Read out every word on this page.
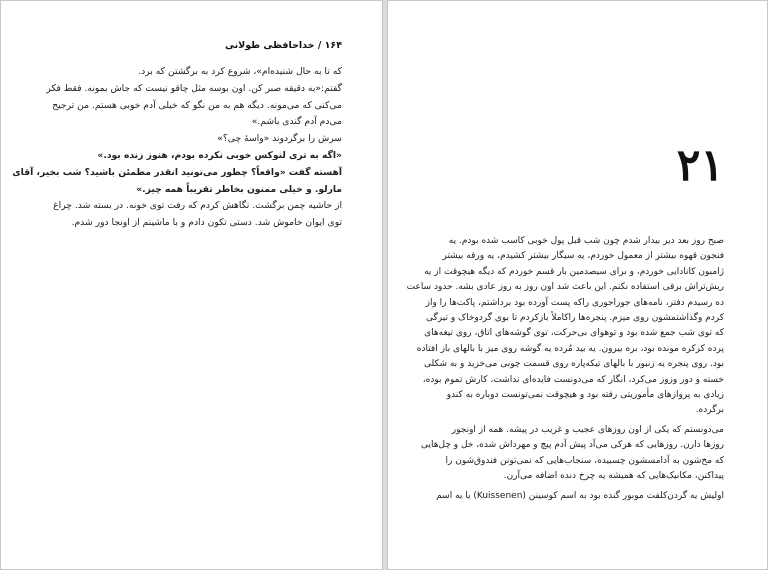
۱۶۴ / خداحافظی طولانی
که تا به حال شنیده‌ام»، شروع کرد به برگشتن که برد.
گفتم:«به دقیقه صبر کن. اون بوسه مثل چاقو نیست که جاش بمونه. فقط فکر
می‌کنی که می‌مونه. دیگه هم به من نگو که خیلی آدم خوبی هستم. من ترجیح
می‌دم آدم گندی باشم.»
سرش را برگردوند «واسهٔ چی؟»
«اگه به تری لنوکس خوبی نکرده بودم، هنوز زنده بود.»
آهسته گفت «واقعاً؟ چطور می‌تونید انقدر مطمئن باشید؟ شب بخیر، آقای
مارلو. و خیلی ممنون بخاطر تقریباً همه چیز.»
از حاشیه چمن برگشت. نگاهش کردم که رفت توی خونه. در بسته شد. چراغ
توی ایوان خاموش شد. دستی تکون دادم و با ماشینم از اونجا دور شدم.
۲۱
صبح روز بعد دیر بیدار شدم چون شب قبل پول خوبی کاسب شده بودم. یه
فنجون قهوه بیشتر از معمول خوردم، یه سیگار بیشتر کشیدم، یه ورقه بیشتر
ژامبون کانادایی خوردم، و برای سیصدمین بار قسم خوردم که دیگه هیچوقت از یه
ریش‌تراش برقی استفاده نکنم. این باعث شد اون روز به روز عادی بشه. حدود ساعت
ده رسیدم دفتر، نامه‌های جوراجوری راکه پست آورده بود برداشتم، پاکت‌ها را واز
کردم وگذاشتمشون روی میزم. پنجره‌ها راکاملاً بازکردم تا بوی گردوخاک و تیرگی
که توی شب جمع شده بود و توهوای بی‌حرکت، توی گوشه‌های اتاق، روی تیغه‌های
پرده کرکره مونده بود، بره بیرون. یه بید مُرده یه گوشه روی میز با بالهای باز افتاده
بود. روی پنجره یه زنبور با بالهای تیکه‌پاره روی قسمت چوبی می‌خزید و به شکلی
خسته و دور وزوز می‌کرد، انگار که می‌دونست فایده‌ای نداشت، کارش تموم بوده،
زیادی به پروازهای مأموریتی رفته بود و هیچوقت نمی‌تونست دوباره به کندو
برگرده.
می‌دونستم که یکی از اون روزهای عجیب و غریب در پیشه. همه از اونجور
روزها دارن. روزهایی که هرکی می‌آد پیش آدم پیچ و مهرداش شده، خل و چل‌هایی
که مخ‌شون به آدامسشون چسبیده، سنجاب‌هایی که نمی‌تونن فندوق‌شون را
پیداکنن، مکانیک‌هایی که همیشه یه چرخ دنده اضافه می‌آرن.
اولیش یه گردن‌کلفت موبور گنده بود به اسم کوسینن (Kuissenen) یا یه اسم
